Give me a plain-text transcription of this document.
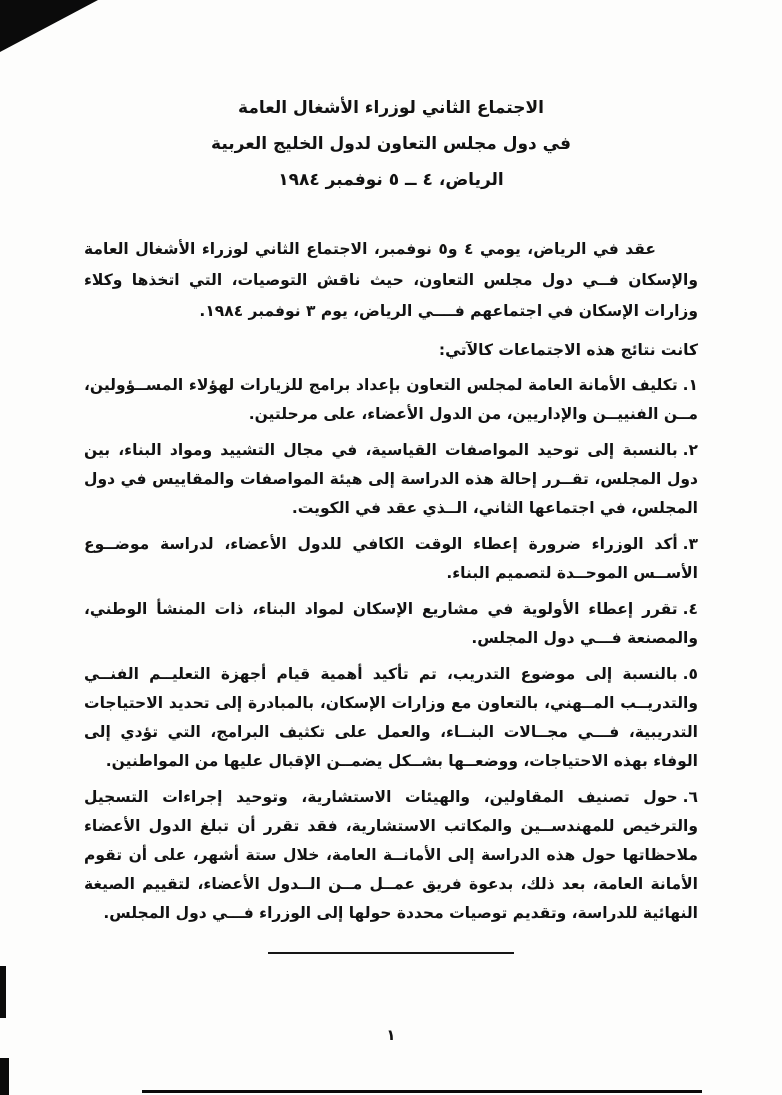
الاجتماع الثاني لوزراء الأشغال العامة
في دول مجلس التعاون لدول الخليج العربية
الرياض، ٤ ــ ٥ نوفمبر ١٩٨٤

عقد في الرياض، يومي ٤ و٥ نوفمبر، الاجتماع الثاني لوزراء الأشغال العامة والإسكان فــي دول مجلس التعاون، حيث ناقش التوصيات، التي اتخذها وكلاء وزارات الإسكان في اجتماعهم فــــي الرياض، يوم ٣ نوفمبر ١٩٨٤.

كانت نتائج هذه الاجتماعات كالآتي:

١.تكليف الأمانة العامة لمجلس التعاون بإعداد برامج للزيارات لهؤلاء المســؤولين، مــن الفنييــن والإداريين، من الدول الأعضاء، على مرحلتين.
٢.بالنسبة إلى توحيد المواصفات القياسية، في مجال التشييد ومواد البناء، بين دول المجلس، تقــرر إحالة هذه الدراسة إلى هيئة المواصفات والمقاييس في دول المجلس، في اجتماعها الثاني، الــذي عقد في الكويت.
٣.أكد الوزراء ضرورة إعطاء الوقت الكافي للدول الأعضاء، لدراسة موضــوع الأســس الموحــدة لتصميم البناء.
٤.تقرر إعطاء الأولوية في مشاريع الإسكان لمواد البناء، ذات المنشأ الوطني، والمصنعة فـــي دول المجلس.
٥.بالنسبة إلى موضوع التدريب، تم تأكيد أهمية قيام أجهزة التعليــم الفنــي والتدريــب المــهني، بالتعاون مع وزارات الإسكان، بالمبادرة إلى تحديد الاحتياجات التدريبية، فـــي مجــالات البنــاء، والعمل على تكثيف البرامج، التي تؤدي إلى الوفاء بهذه الاحتياجات، ووضعــها بشــكل يضمــن الإقبال عليها من المواطنين.
٦.حول تصنيف المقاولين، والهيئات الاستشارية، وتوحيد إجراءات التسجيل والترخيص للمهندســين والمكاتب الاستشارية، فقد تقرر أن تبلغ الدول الأعضاء ملاحظاتها حول هذه الدراسة إلى الأمانــة العامة، خلال ستة أشهر، على أن تقوم الأمانة العامة، بعد ذلك، بدعوة فريق عمــل مــن الــدول الأعضاء، لتقييم الصيغة النهائية للدراسة، وتقديم توصيات محددة حولها إلى الوزراء فـــي دول المجلس.
١
